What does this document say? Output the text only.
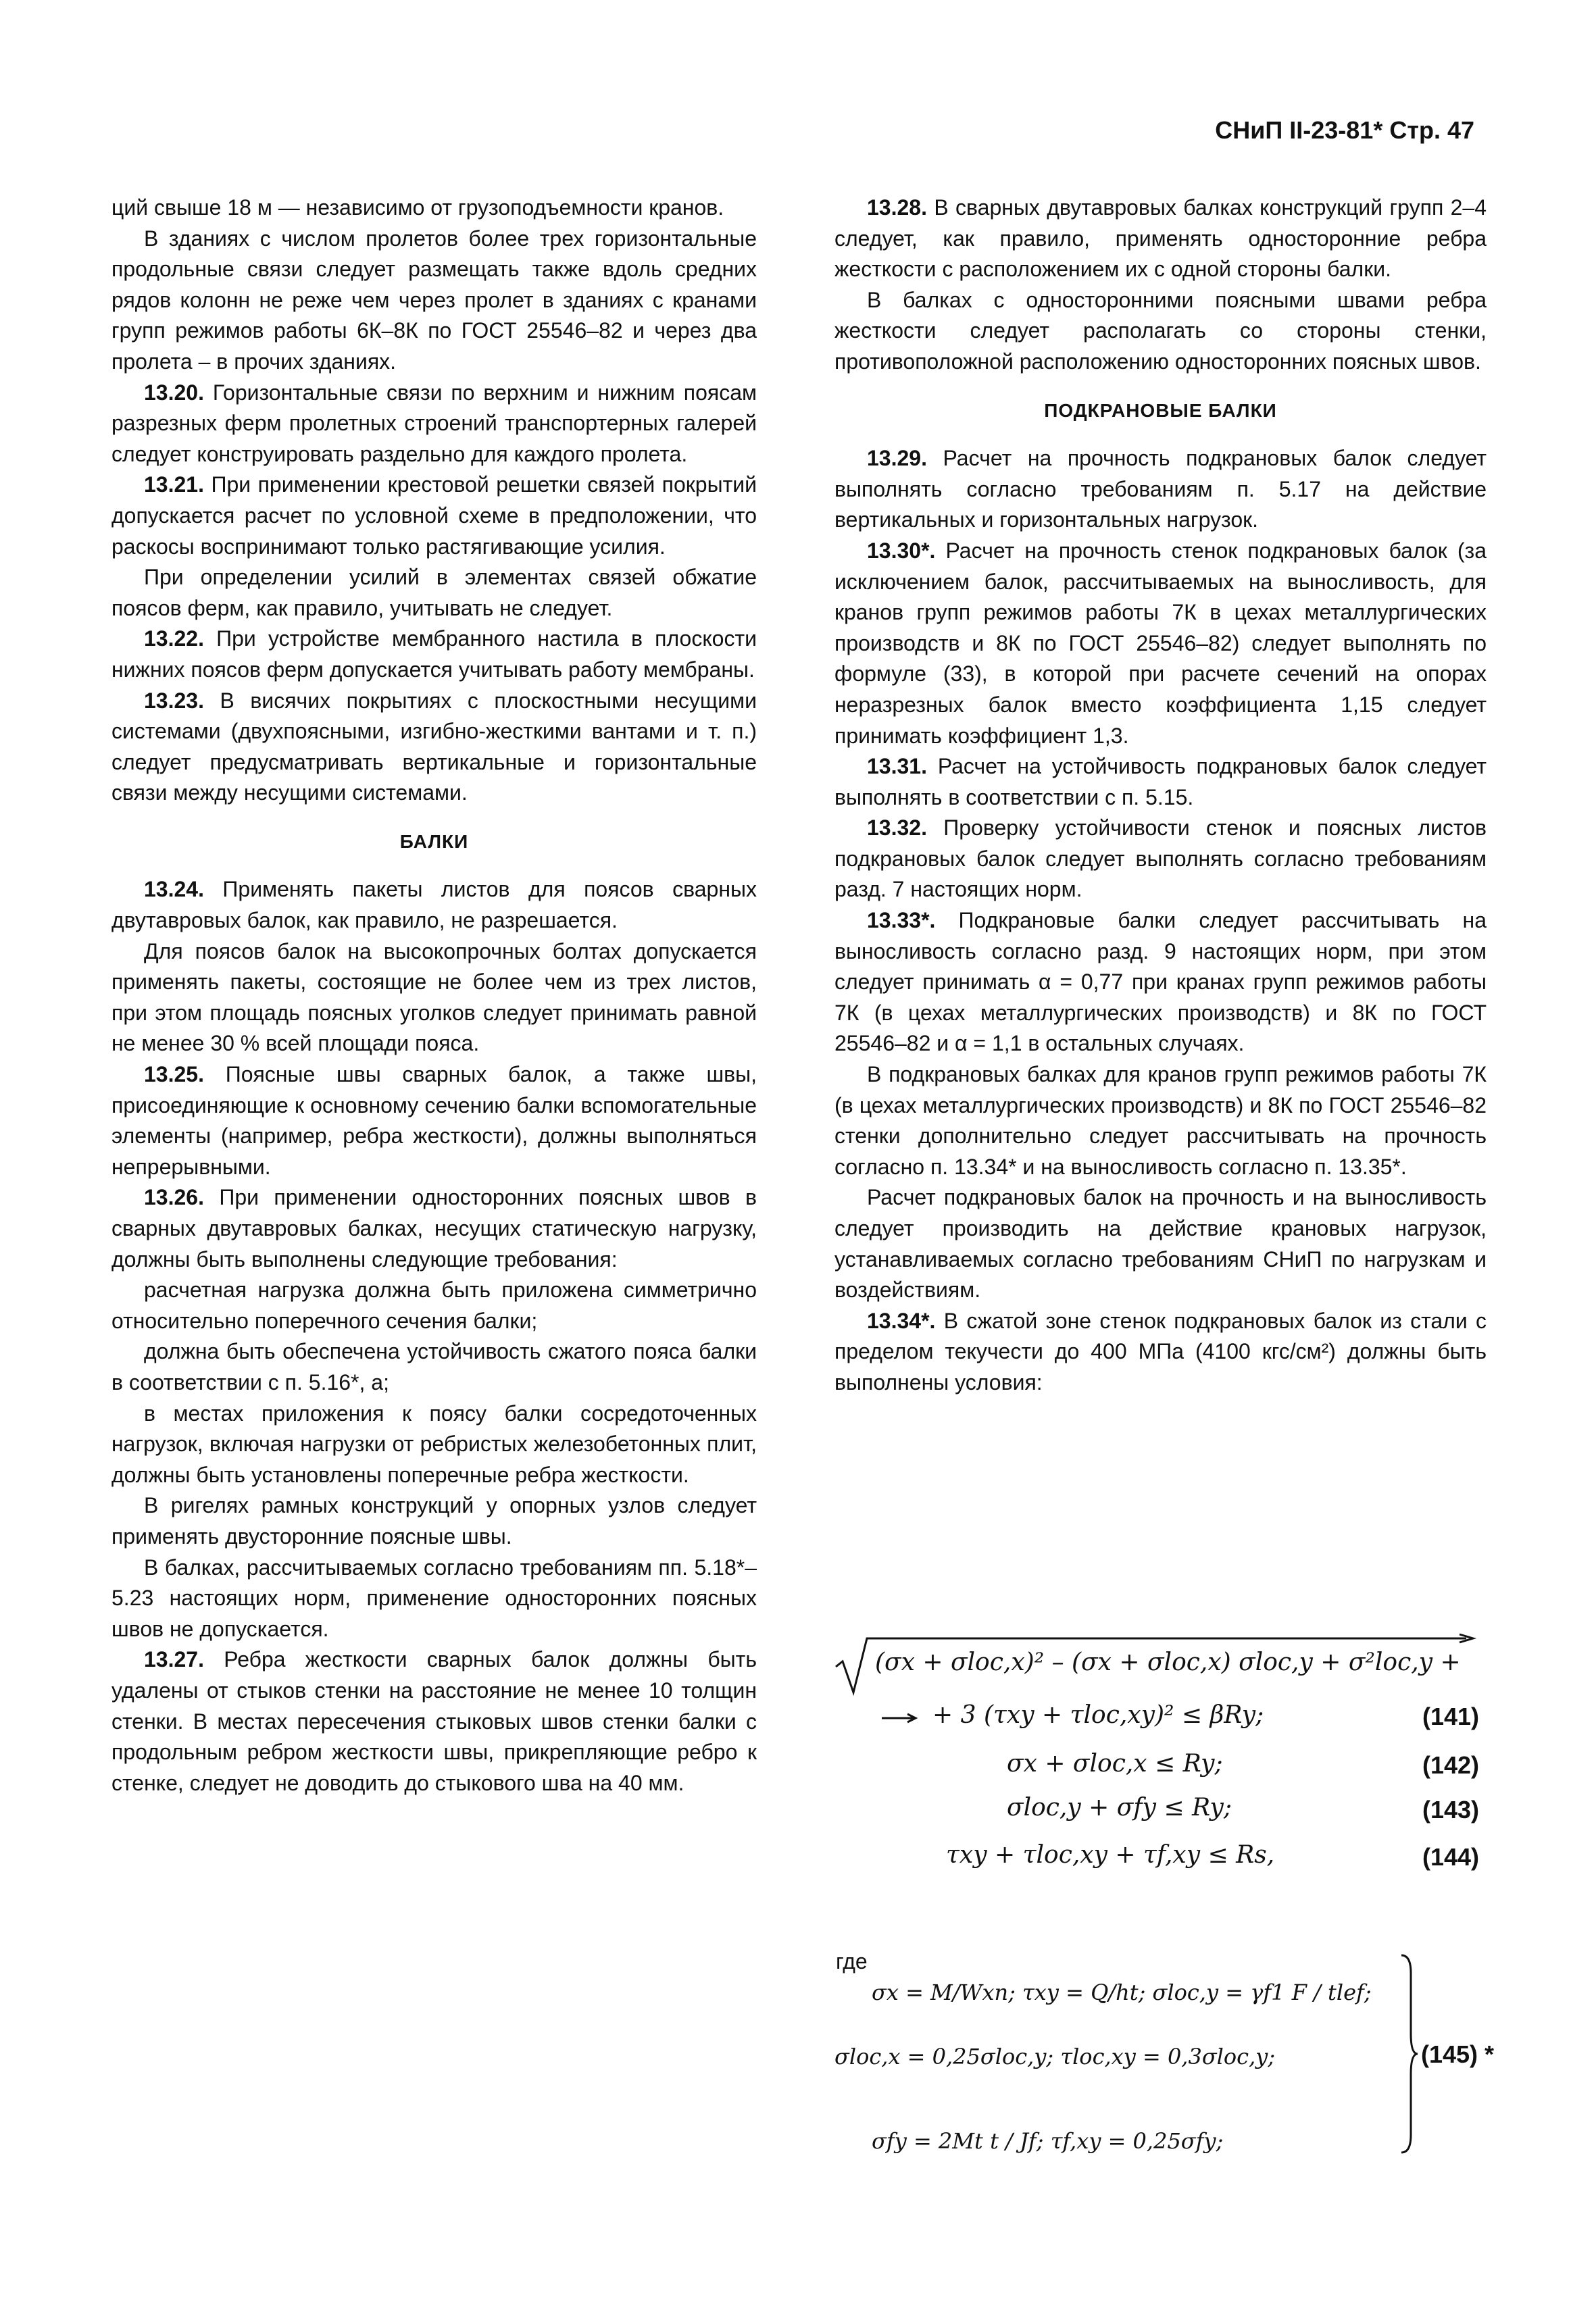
СНиП II-23-81* Стр. 47

ций свыше 18 м — независимо от грузоподъемности кранов.

В зданиях с числом пролетов более трех горизонтальные продольные связи следует размещать также вдоль средних рядов колонн не реже чем через пролет в зданиях с кранами групп режимов работы 6К–8К по ГОСТ 25546–82 и через два пролета – в прочих зданиях.

13.20. Горизонтальные связи по верхним и нижним поясам разрезных ферм пролетных строений транспортерных галерей следует конструировать раздельно для каждого пролета.

13.21. При применении крестовой решетки связей покрытий допускается расчет по условной схеме в предположении, что раскосы воспринимают только растягивающие усилия.

При определении усилий в элементах связей обжатие поясов ферм, как правило, учитывать не следует.

13.22. При устройстве мембранного настила в плоскости нижних поясов ферм допускается учитывать работу мембраны.

13.23. В висячих покрытиях с плоскостными несущими системами (двухпоясными, изгибно-жесткими вантами и т. п.) следует предусматривать вертикальные и горизонтальные связи между несущими системами.

БАЛКИ

13.24. Применять пакеты листов для поясов сварных двутавровых балок, как правило, не разрешается.

Для поясов балок на высокопрочных болтах допускается применять пакеты, состоящие не более чем из трех листов, при этом площадь поясных уголков следует принимать равной не менее 30 % всей площади пояса.

13.25. Поясные швы сварных балок, а также швы, присоединяющие к основному сечению балки вспомогательные элементы (например, ребра жесткости), должны выполняться непрерывными.

13.26. При применении односторонних поясных швов в сварных двутавровых балках, несущих статическую нагрузку, должны быть выполнены следующие требования:

расчетная нагрузка должна быть приложена симметрично относительно поперечного сечения балки;

должна быть обеспечена устойчивость сжатого пояса балки в соответствии с п. 5.16*, а;

в местах приложения к поясу балки сосредоточенных нагрузок, включая нагрузки от ребристых железобетонных плит, должны быть установлены поперечные ребра жесткости.

В ригелях рамных конструкций у опорных узлов следует применять двусторонние поясные швы.

В балках, рассчитываемых согласно требованиям пп. 5.18*–5.23 настоящих норм, применение односторонних поясных швов не допускается.

13.27. Ребра жесткости сварных балок должны быть удалены от стыков стенки на расстояние не менее 10 толщин стенки. В местах пересечения стыковых швов стенки балки с продольным ребром жесткости швы, прикрепляющие ребро к стенке, следует не доводить до стыкового шва на 40 мм.

13.28. В сварных двутавровых балках конструкций групп 2–4 следует, как правило, применять односторонние ребра жесткости с расположением их с одной стороны балки.

В балках с односторонними поясными швами ребра жесткости следует располагать со стороны стенки, противоположной расположению односторонних поясных швов.

ПОДКРАНОВЫЕ БАЛКИ

13.29. Расчет на прочность подкрановых балок следует выполнять согласно требованиям п. 5.17 на действие вертикальных и горизонтальных нагрузок.

13.30*. Расчет на прочность стенок подкрановых балок (за исключением балок, рассчитываемых на выносливость, для кранов групп режимов работы 7К в цехах металлургических производств и 8К по ГОСТ 25546–82) следует выполнять по формуле (33), в которой при расчете сечений на опорах неразрезных балок вместо коэффициента 1,15 следует принимать коэффициент 1,3.

13.31. Расчет на устойчивость подкрановых балок следует выполнять в соответствии с п. 5.15.

13.32. Проверку устойчивости стенок и поясных листов подкрановых балок следует выполнять согласно требованиям разд. 7 настоящих норм.

13.33*. Подкрановые балки следует рассчитывать на выносливость согласно разд. 9 настоящих норм, при этом следует принимать α = 0,77 при кранах групп режимов работы 7К (в цехах металлургических производств) и 8К по ГОСТ 25546–82 и α = 1,1 в остальных случаях.

В подкрановых балках для кранов групп режимов работы 7К (в цехах металлургических производств) и 8К по ГОСТ 25546–82 стенки дополнительно следует рассчитывать на прочность согласно п. 13.34* и на выносливость согласно п. 13.35*.

Расчет подкрановых балок на прочность и на выносливость следует производить на действие крановых нагрузок, устанавливаемых согласно требованиям СНиП по нагрузкам и воздействиям.

13.34*. В сжатой зоне стенок подкрановых балок из стали с пределом текучести до 400 МПа (4100 кгс/см²) должны быть выполнены условия:

(σx + σloc,x)² – (σx + σloc,x) σloc,y + σ²loc,y +
+ 3 (τxy + τloc,xy)² ≤ βRy;	(141)
σx + σloc,x ≤ Ry;	(142)
σloc,y + σfy ≤ Ry;	(143)
τxy + τloc,xy + τf,xy ≤ Rs,	(144)
где
σx = M/Wxn; τxy = Q/ht; σloc,y = γf1 F / tlef;
σloc,x = 0,25σloc,y; τloc,xy = 0,3σloc,y;
σfy = 2Mt t / Jf; τf,xy = 0,25σfy;
(145) *
